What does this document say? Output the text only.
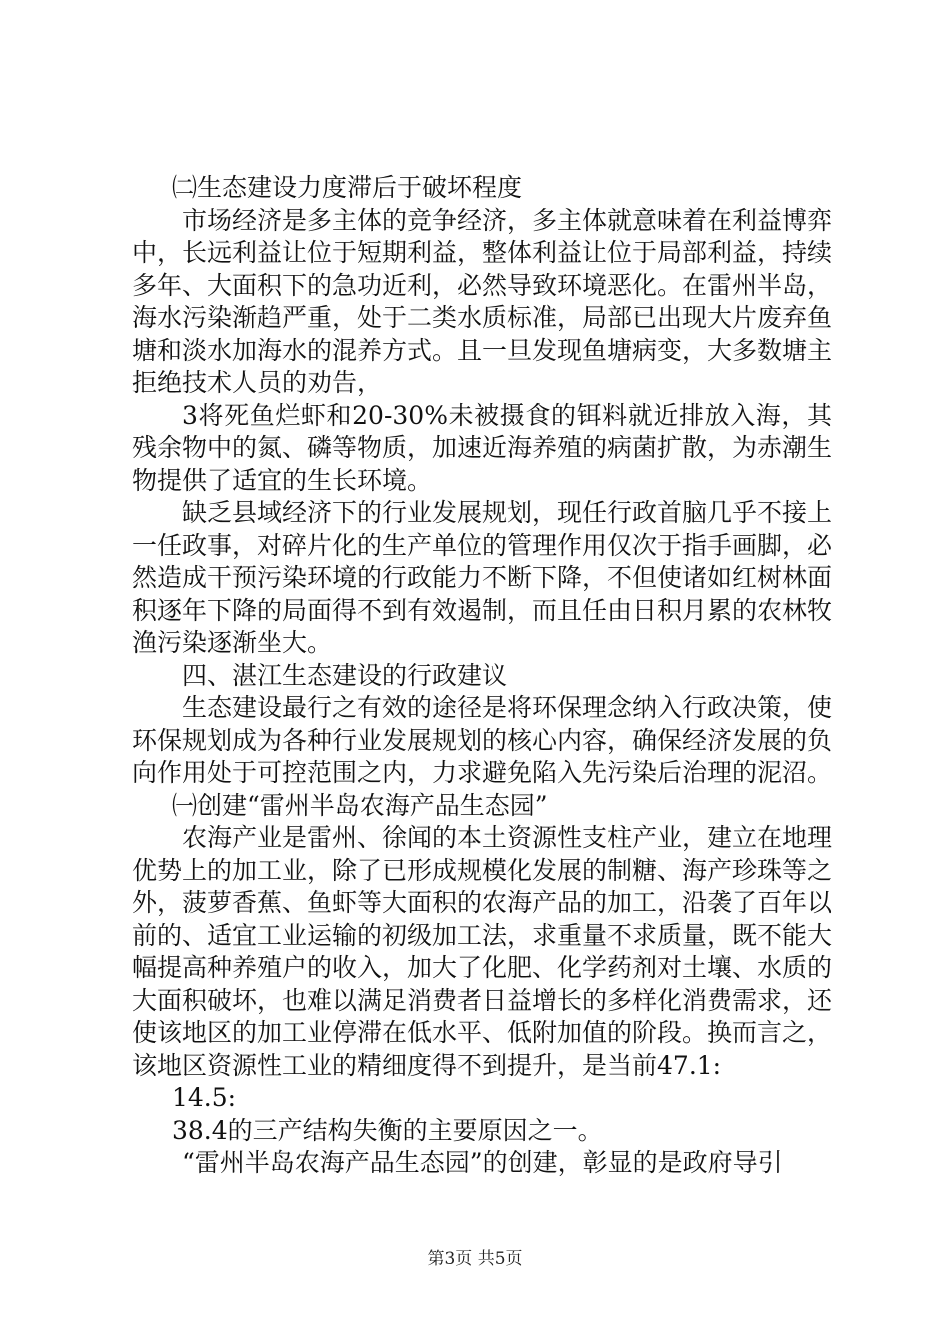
㈡生态建设力度滞后于破坏程度

市场经济是多主体的竞争经济，多主体就意味着在利益博弈中，长远利益让位于短期利益，整体利益让位于局部利益，持续多年、大面积下的急功近利，必然导致环境恶化。在雷州半岛，海水污染渐趋严重，处于二类水质标准，局部已出现大片废弃鱼塘和淡水加海水的混养方式。且一旦发现鱼塘病变，大多数塘主拒绝技术人员的劝告，

3将死鱼烂虾和20-30%未被摄食的铒料就近排放入海，其残余物中的氮、磷等物质，加速近海养殖的病菌扩散，为赤潮生物提供了适宜的生长环境。

缺乏县域经济下的行业发展规划，现任行政首脑几乎不接上一任政事，对碎片化的生产单位的管理作用仅次于指手画脚，必然造成干预污染环境的行政能力不断下降，不但使诸如红树林面积逐年下降的局面得不到有效遏制，而且任由日积月累的农林牧渔污染逐渐坐大。

四、湛江生态建设的行政建议

生态建设最行之有效的途径是将环保理念纳入行政决策，使环保规划成为各种行业发展规划的核心内容，确保经济发展的负向作用处于可控范围之内，力求避免陷入先污染后治理的泥沼。

㈠创建“雷州半岛农海产品生态园”

农海产业是雷州、徐闻的本土资源性支柱产业，建立在地理优势上的加工业，除了已形成规模化发展的制糖、海产珍珠等之外，菠萝香蕉、鱼虾等大面积的农海产品的加工，沿袭了百年以前的、适宜工业运输的初级加工法，求重量不求质量，既不能大幅提高种养殖户的收入，加大了化肥、化学药剂对土壤、水质的大面积破坏，也难以满足消费者日益增长的多样化消费需求，还使该地区的加工业停滞在低水平、低附加值的阶段。换而言之，该地区资源性工业的精细度得不到提升，是当前47.1:

14.5:

38.4的三产结构失衡的主要原因之一。

“雷州半岛农海产品生态园”的创建，彰显的是政府导引

第3页 共5页
